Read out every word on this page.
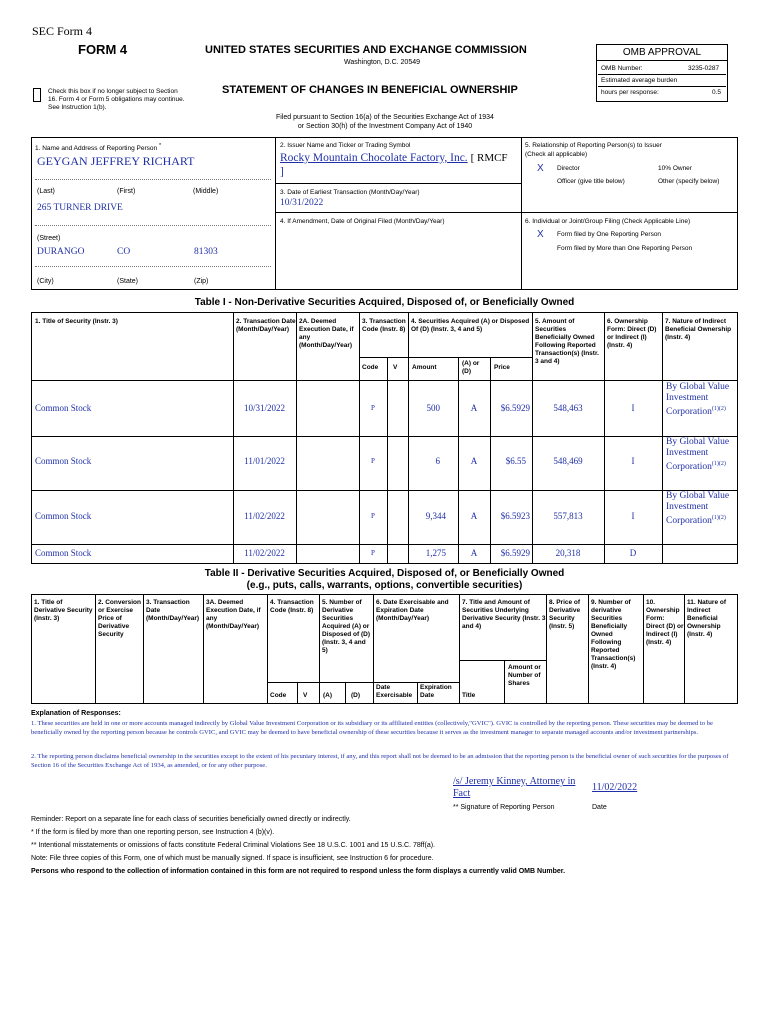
SEC Form 4
FORM 4	UNITED STATES SECURITIES AND EXCHANGE COMMISSION
Washington, D.C. 20549
STATEMENT OF CHANGES IN BENEFICIAL OWNERSHIP
Check this box if no longer subject to Section 16. Form 4 or Form 5 obligations may continue. See Instruction 1(b).
Filed pursuant to Section 16(a) of the Securities Exchange Act of 1934
or Section 30(h) of the Investment Company Act of 1940
OMB APPROVAL
OMB Number:	3235-0287
Estimated average burden
hours per response:	0.5
1. Name and Address of Reporting Person *
GEYGAN JEFFREY RICHART
(Last)	(First)	(Middle)
265 TURNER DRIVE
(Street)
DURANGO	CO	81303
(City)	(State)	(Zip)
2. Issuer Name and Ticker or Trading Symbol
Rocky Mountain Chocolate Factory, Inc. [ RMCF
]
3. Date of Earliest Transaction (Month/Day/Year)
10/31/2022
4. If Amendment, Date of Original Filed (Month/Day/Year)
5. Relationship of Reporting Person(s) to Issuer
(Check all applicable)
X Director	10% Owner
Officer (give title below)	Other (specify below)
6. Individual or Joint/Group Filing (Check Applicable Line)
X Form filed by One Reporting Person
Form filed by More than One Reporting Person
Table I - Non-Derivative Securities Acquired, Disposed of, or Beneficially Owned
1. Title of Security (Instr. 3)	2. Transaction Date (Month/Day/Year)
2A. Deemed Execution Date, if any (Month/Day/Year)
3. Transaction Code (Instr. 8)
4. Securities Acquired (A) or Disposed Of (D) (Instr. 3, 4 and 5)
5. Amount of Securities Beneficially Owned Following Reported Transaction(s) (Instr. 3 and 4)
6. Ownership Form: Direct (D) or Indirect (I) (Instr. 4)
7. Nature of Indirect Beneficial Ownership (Instr. 4)
Code V Amount
(A) or (D)
Price
Common Stock	10/31/2022	P	500	A	$6.5929	548,463	I
By Global Value Investment Corporation$^{(1)(2)}$
Common Stock	11/01/2022	P	6	A	$6.55	548,469	I
By Global Value Investment Corporation$^{(1)(2)}$
Common Stock	11/02/2022	P	9,344	A	$6.5923	557,813	I
By Global Value Investment Corporation$^{(1)(2)}$
Common Stock	11/02/2022	P	1,275	A	$6.5929	20,318	D
Table II - Derivative Securities Acquired, Disposed of, or Beneficially Owned
(e.g., puts, calls, warrants, options, convertible securities)
1. Title of Derivative Security (Instr. 3)
2. Conversion or Exercise Price of Derivative Security
3. Transaction Date (Month/Day/Year)
3A. Deemed Execution Date, if any (Month/Day/Year)
4. Transaction Code (Instr. 8)
5. Number of Derivative Securities Acquired (A) or Disposed of (D) (Instr. 3, 4 and 5)
6. Date Exercisable and Expiration Date (Month/Day/Year)
7. Title and Amount of Securities Underlying Derivative Security (Instr. 3 and 4)
8. Price of Derivative Security (Instr. 5)
9. Number of derivative Securities Beneficially Owned Following Reported Transaction(s) (Instr. 4)
10. Ownership Form: Direct (D) or Indirect (I) (Instr. 4)
11. Nature of Indirect Beneficial Ownership (Instr. 4)
Code	V (A)	(D)
Date Exercisable
Expiration Date	Title
Amount or Number of Shares
Explanation of Responses:
1. These securities are held in one or more accounts managed indirectly by Global Value Investment Corporation or its subsidiary or its affiliated entities (collectively,"GVIC"). GVIC is controlled by the reporting person. These securities may be deemed to be beneficially owned by the reporting person because he controls GVIC, and GVIC may be deemed to have beneficial ownership of these securities because it serves as the investment manager to separate managed accounts and/or investment partnerships.
2. The reporting person disclaims beneficial ownership in the securities except to the extent of his pecuniary interest, if any, and this report shall not be deemed to be an admission that the reporting person is the beneficial owner of such securities for the purposes of Section 16 of the Securities Exchange Act of 1934, as amended, or for any other purpose.
/s/ Jeremy Kinney, Attorney in Fact
11/02/2022
** Signature of Reporting Person	Date
Reminder: Report on a separate line for each class of securities beneficially owned directly or indirectly.
* If the form is filed by more than one reporting person, see Instruction 4 (b)(v).
** Intentional misstatements or omissions of facts constitute Federal Criminal Violations See 18 U.S.C. 1001 and 15 U.S.C. 78ff(a).
Note: File three copies of this Form, one of which must be manually signed. If space is insufficient, see Instruction 6 for procedure.
Persons who respond to the collection of information contained in this form are not required to respond unless the form displays a currently valid OMB Number.
